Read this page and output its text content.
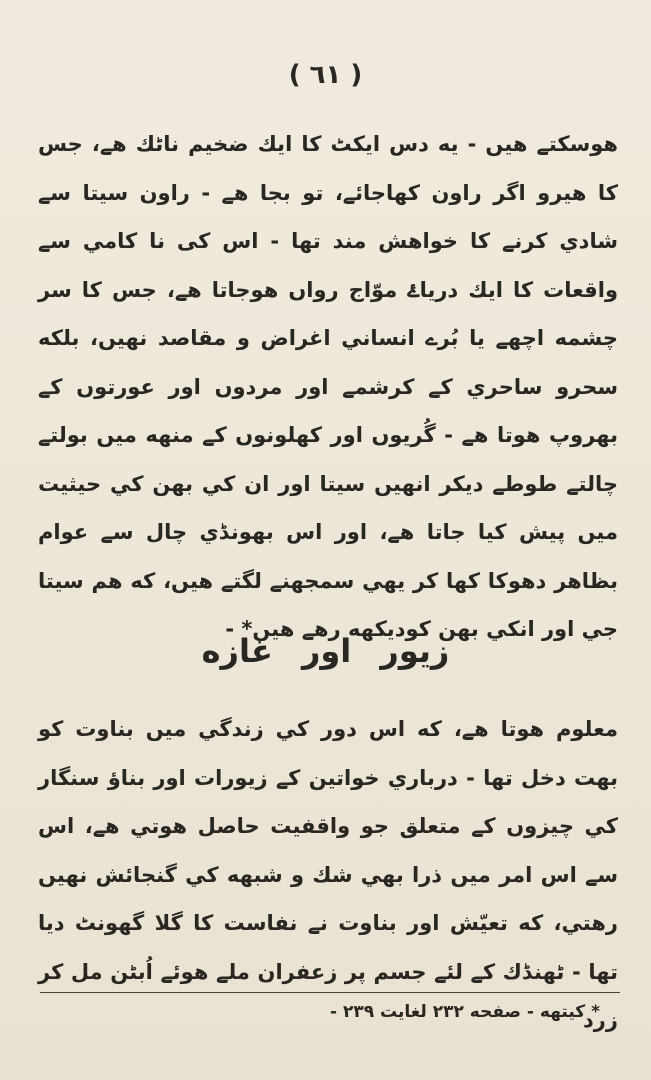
( ٦١ )

هوسكتے هيں - يه دس ايكٹ كا ايك ضخيم ناٹك هے، جس كا هيرو اگر راون كهاجائے، تو بجا هے - راون سيتا سے شادي كرنے كا خواهش مند تها - اس كی نا كامي سے واقعات كا ايك درياۓ موّاج رواں هوجاتا هے، جس كا سر چشمه اچهے يا بُرے انساني اغراض و مقاصد نهيں، بلكه سحرو ساحري كے كرشمے اور مردوں اور عورتوں كے بهروپ هوتا هے - گُريوں اور كهلونوں كے منهه ميں بولتے چالتے طوطے ديكر انهيں سيتا اور ان كي بهن كي حيثيت ميں پيش كيا جاتا هے، اور اس بهونڈي چال سے عوام بظاهر دهوكا كها كر يهي سمجهنے لگتے هيں، كه هم سيتا جي اور انكي بهن كوديكهه رهے هيں* -

زيور اور غازه

معلوم هوتا هے، كه اس دور كي زندگي ميں بناوت كو بهت دخل تها - درباري خواتين كے زيورات اور بناؤ سنگار كي چيزوں كے متعلق جو واقفيت حاصل هوتي هے، اس سے اس امر ميں ذرا بهي شك و شبهه كي گنجائش نهيں رهتي، كه تعيّش اور بناوت نے نفاست كا گلا گهونٹ ديا تها - ٹهنڈك كے لئے جسم پر زعفران ملے هوئے اُبٹن مل كر زرد

* كيتهه - صفحه ٢٣٢ لغايت ٢٣٩ -
